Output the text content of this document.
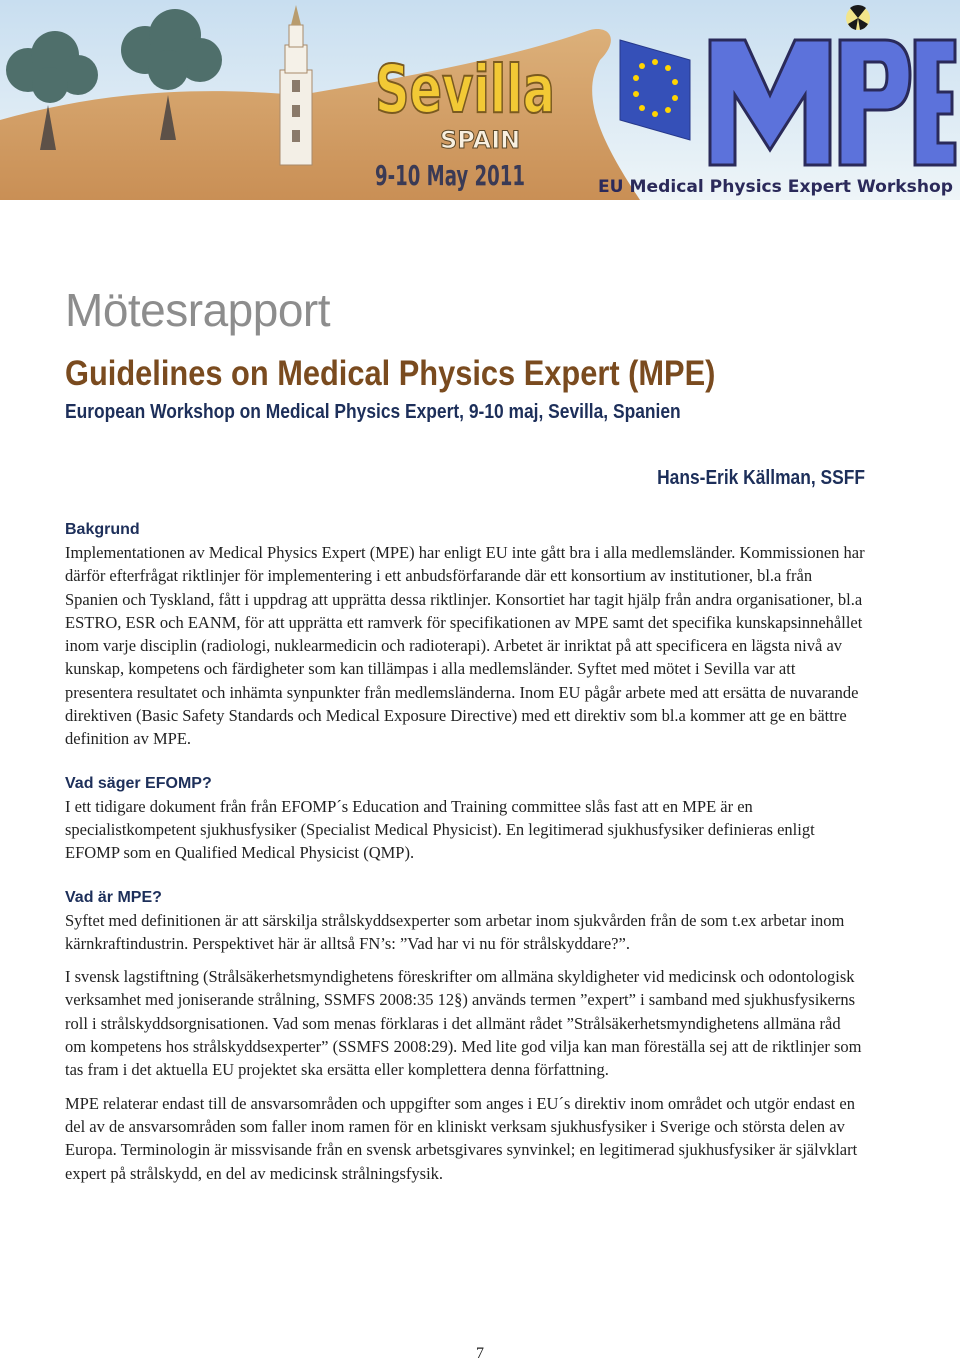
Sevilla
SPAIN
9-10 May 2011	EU Medical Physics Expert Workshop
Mötesrapport
Guidelines on Medical Physics Expert (MPE)
European Workshop on Medical Physics Expert, 9-10 maj, Sevilla, Spanien
Hans-Erik Källman, SSFF
Bakgrund

Implementationen av Medical Physics Expert (MPE) har enligt EU inte gått bra i alla medlemsländer. Kommissionen har därför efterfrågat riktlinjer för implementering i ett anbudsförfarande där ett konsortium av institutioner, bl.a från Spanien och Tyskland, fått i uppdrag att upprätta dessa riktlinjer. Konsortiet har tagit hjälp från andra organisationer, bl.a ESTRO, ESR och EANM, för att upprätta ett ramverk för specifikationen av MPE samt det specifika kunskapsinnehållet inom varje disciplin (radiologi, nuklearmedicin och radioterapi). Arbetet är inriktat på att specificera en lägsta nivå av kunskap, kompetens och färdigheter som kan tillämpas i alla medlemsländer. Syftet med mötet i Sevilla var att presentera resultatet och inhämta synpunkter från medlemsländerna. Inom EU pågår arbete med att ersätta de nuvarande direktiven (Basic Safety Standards och Medical Exposure Directive) med ett direktiv som bl.a kommer att ge en bättre definition av MPE.

Vad säger EFOMP?

I ett tidigare dokument från från EFOMP´s Education and Training committee slås fast att en MPE är en specialistkompetent sjukhusfysiker (Specialist Medical Physicist). En legitimerad sjukhusfysiker definieras enligt EFOMP som en Qualified Medical Physicist (QMP).

Vad är MPE?

Syftet med definitionen är att särskilja strålskyddsexperter som arbetar inom sjukvården från de som t.ex arbetar inom kärnkraftindustrin. Perspektivet här är alltså FN’s: ”Vad har vi nu för strålskyddare?”.

I svensk lagstiftning (Strålsäkerhetsmyndighetens föreskrifter om allmäna skyldigheter vid medicinsk och odontologisk verksamhet med joniserande strålning, SSMFS 2008:35 12§) används termen ”expert” i samband med sjukhusfysikerns roll i strålskyddsorgnisationen. Vad som menas förklaras i det allmänt rådet ”Strålsäkerhetsmyndighetens allmäna råd om kompetens hos strålskyddsexperter” (SSMFS 2008:29). Med lite god vilja kan man föreställa sej att de riktlinjer som tas fram i det aktuella EU projektet ska ersätta eller komplettera denna författning.

MPE relaterar endast till de ansvarsområden och uppgifter som anges i EU´s direktiv inom området och utgör endast en del av de ansvarsområden som faller inom ramen för en kliniskt verksam sjukhusfysiker i Sverige och största delen av Europa. Terminologin är missvisande från en svensk arbetsgivares synvinkel; en legitimerad sjukhusfysiker är självklart expert på strålskydd, en del av medicinsk strålningsfysik.

7
